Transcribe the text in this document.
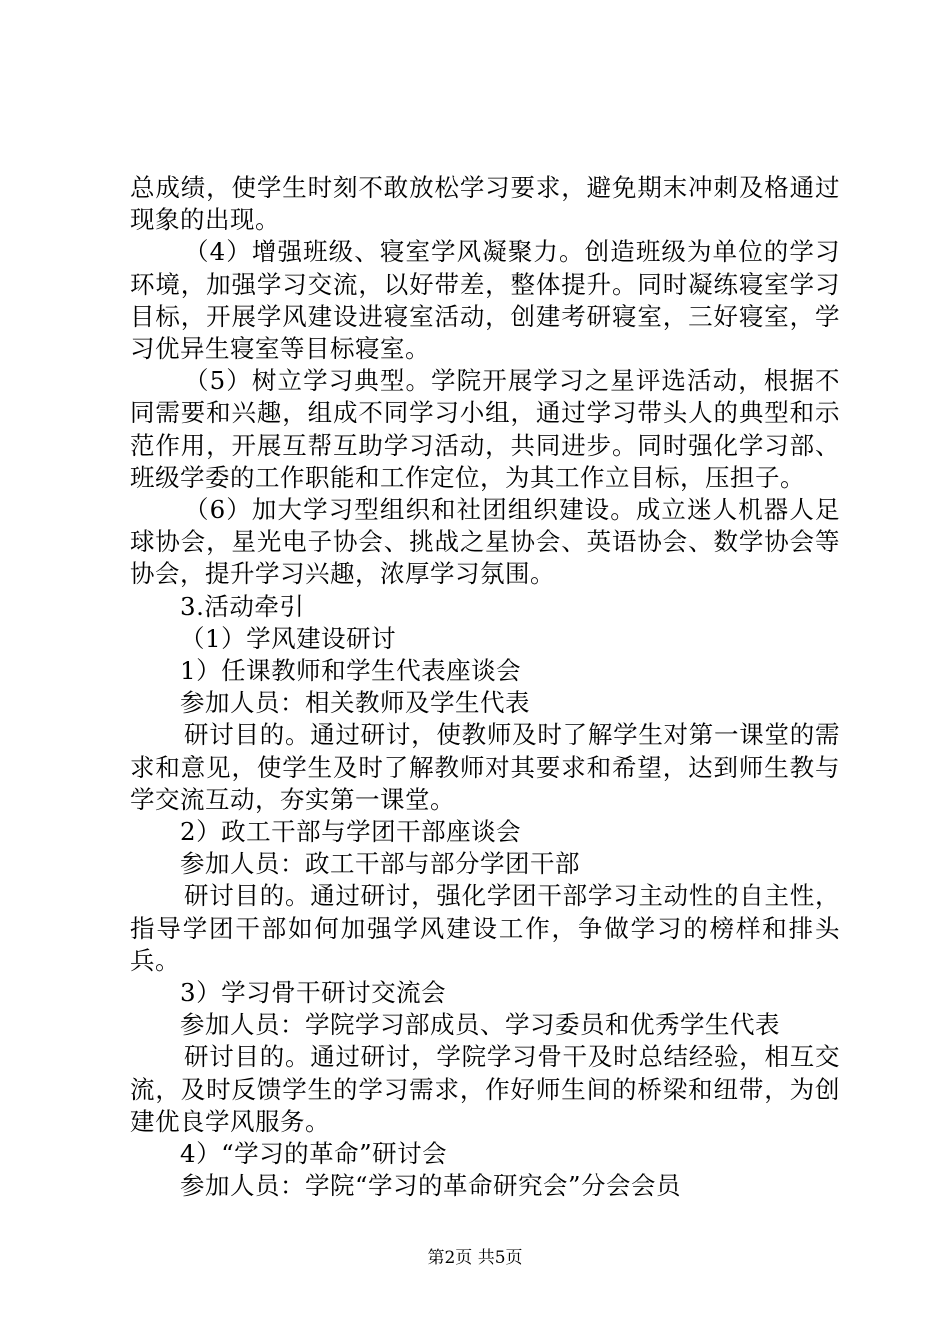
总成绩，使学生时刻不敢放松学习要求，避免期末冲刺及格通过现象的出现。

（4）增强班级、寝室学风凝聚力。创造班级为单位的学习环境，加强学习交流，以好带差，整体提升。同时凝练寝室学习目标，开展学风建设进寝室活动，创建考研寝室，三好寝室，学习优异生寝室等目标寝室。

（5）树立学习典型。学院开展学习之星评选活动，根据不同需要和兴趣，组成不同学习小组，通过学习带头人的典型和示范作用，开展互帮互助学习活动，共同进步。同时强化学习部、班级学委的工作职能和工作定位，为其工作立目标，压担子。

（6）加大学习型组织和社团组织建设。成立迷人机器人足球协会，星光电子协会、挑战之星协会、英语协会、数学协会等协会，提升学习兴趣，浓厚学习氛围。

3.活动牵引

（1）学风建设研讨

1）任课教师和学生代表座谈会

参加人员：相关教师及学生代表

研讨目的。通过研讨，使教师及时了解学生对第一课堂的需求和意见，使学生及时了解教师对其要求和希望，达到师生教与学交流互动，夯实第一课堂。

2）政工干部与学团干部座谈会

参加人员：政工干部与部分学团干部

研讨目的。通过研讨，强化学团干部学习主动性的自主性，指导学团干部如何加强学风建设工作，争做学习的榜样和排头兵。

3）学习骨干研讨交流会

参加人员：学院学习部成员、学习委员和优秀学生代表

研讨目的。通过研讨，学院学习骨干及时总结经验，相互交流，及时反馈学生的学习需求，作好师生间的桥梁和纽带，为创建优良学风服务。

4）“学习的革命”研讨会

参加人员：学院“学习的革命研究会”分会会员

第2页 共5页
